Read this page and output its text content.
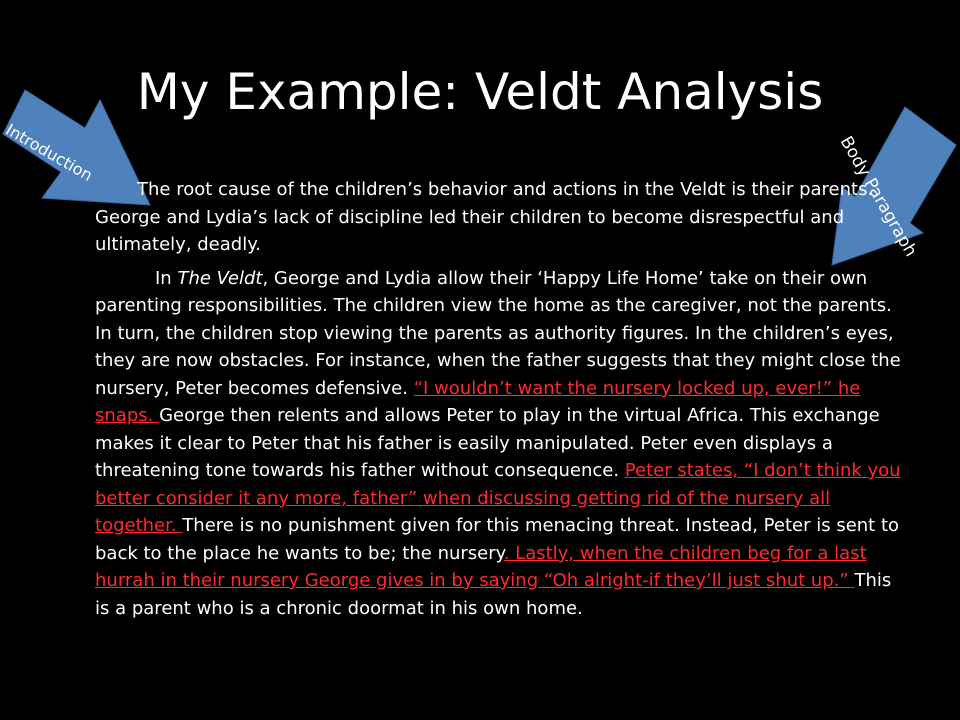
My Example: Veldt Analysis
Introduction	Body Paragraph

The root cause of the children’s behavior and actions in the Veldt is their parents. George and Lydia’s lack of discipline led their children to become disrespectful and ultimately, deadly.

In The Veldt, George and Lydia allow their ‘Happy Life Home’ take on their own parenting responsibilities. The children view the home as the caregiver, not the parents. In turn, the children stop viewing the parents as authority figures. In the children’s eyes, they are now obstacles. For instance, when the father suggests that they might close the nursery, Peter becomes defensive. “I wouldn’t want the nursery locked up, ever!” he snaps. George then relents and allows Peter to play in the virtual Africa. This exchange makes it clear to Peter that his father is easily manipulated. Peter even displays a threatening tone towards his father without consequence. Peter states, “I don’t think you better consider it any more, father” when discussing getting rid of the nursery all together. There is no punishment given for this menacing threat. Instead, Peter is sent to back to the place he wants to be; the nursery. Lastly, when the children beg for a last hurrah in their nursery George gives in by saying “Oh alright-if they’ll just shut up.” This is a parent who is a chronic doormat in his own home.
